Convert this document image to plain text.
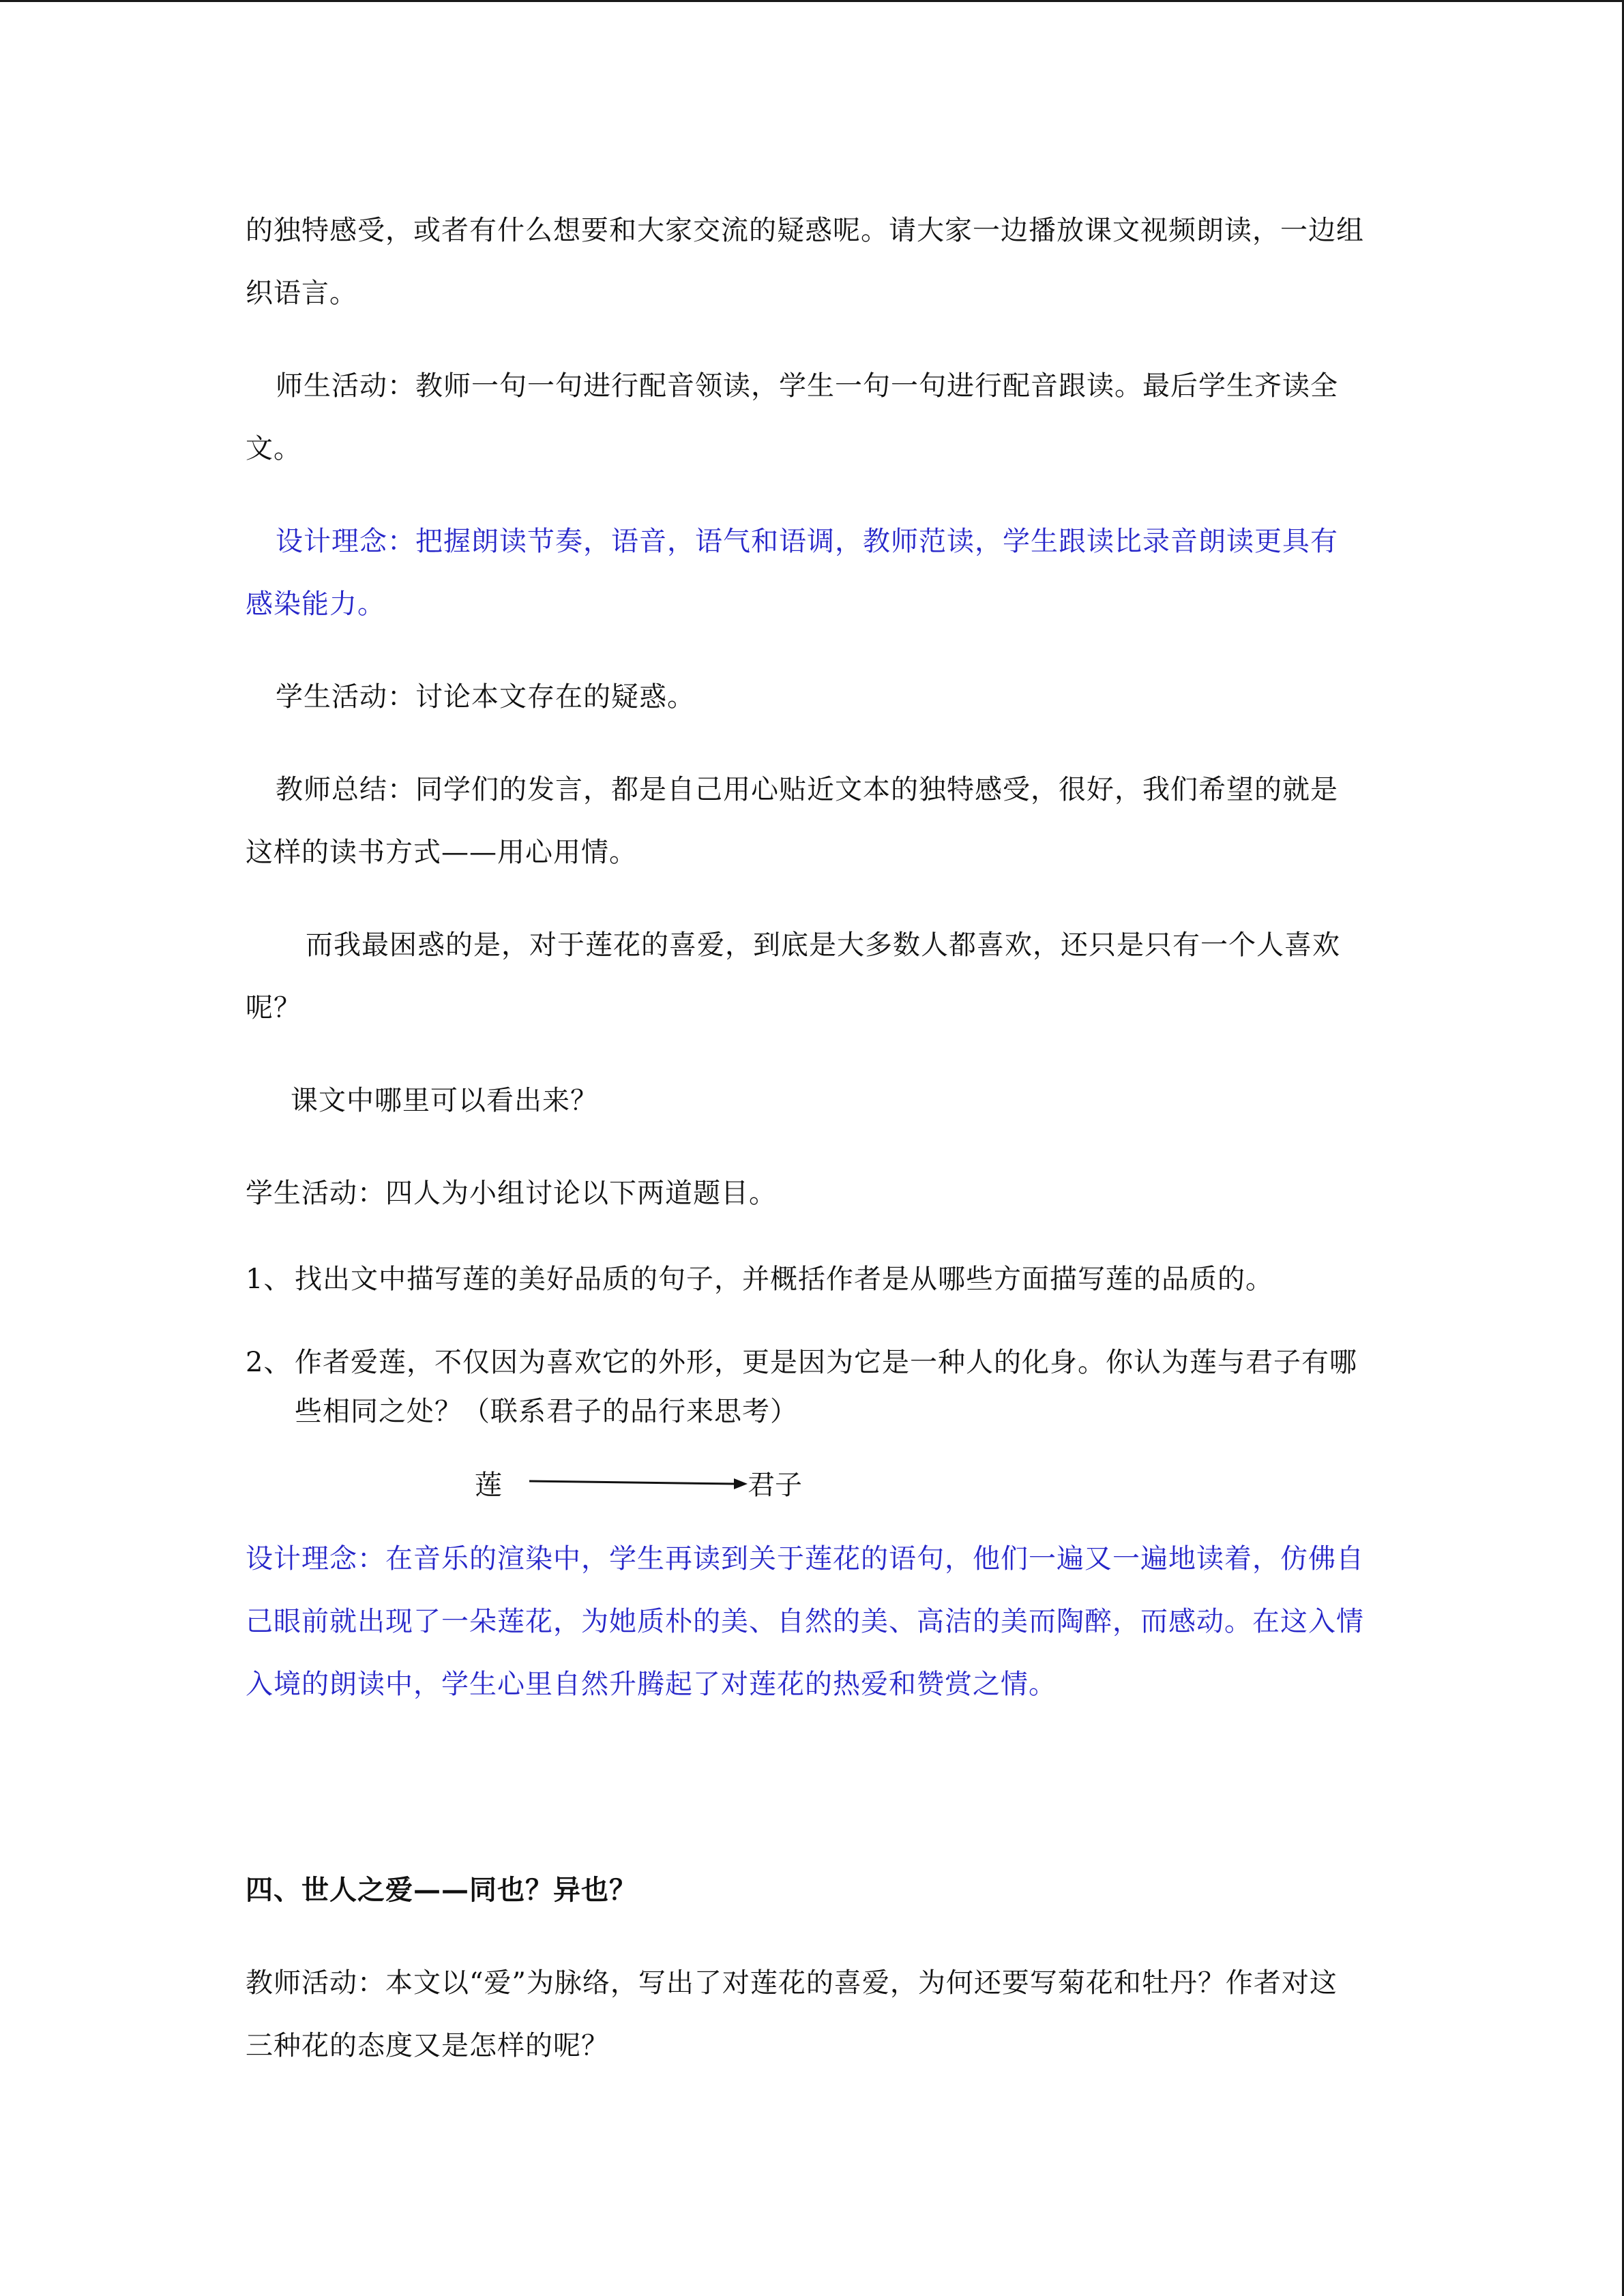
的独特感受，或者有什么想要和大家交流的疑惑呢。请大家一边播放课文视频朗读，一边组织语言。

师生活动：教师一句一句进行配音领读，学生一句一句进行配音跟读。最后学生齐读全文。

设计理念：把握朗读节奏，语音，语气和语调，教师范读，学生跟读比录音朗读更具有感染能力。

学生活动：讨论本文存在的疑惑。

教师总结：同学们的发言，都是自己用心贴近文本的独特感受，很好，我们希望的就是这样的读书方式——用心用情。

而我最困惑的是，对于莲花的喜爱，到底是大多数人都喜欢，还只是只有一个人喜欢呢？

课文中哪里可以看出来？

学生活动：四人为小组讨论以下两道题目。

1、 找出文中描写莲的美好品质的句子，并概括作者是从哪些方面描写莲的品质的。
2、 作者爱莲，不仅因为喜欢它的外形，更是因为它是一种人的化身。你认为莲与君子有哪些相同之处？（联系君子的品行来思考）
莲	君子

设计理念：在音乐的渲染中，学生再读到关于莲花的语句，他们一遍又一遍地读着，仿佛自己眼前就出现了一朵莲花，为她质朴的美、自然的美、高洁的美而陶醉，而感动。在这入情入境的朗读中，学生心里自然升腾起了对莲花的热爱和赞赏之情。

四、世人之爱——同也？异也？

教师活动：本文以“爱”为脉络，写出了对莲花的喜爱，为何还要写菊花和牡丹？作者对这三种花的态度又是怎样的呢？
